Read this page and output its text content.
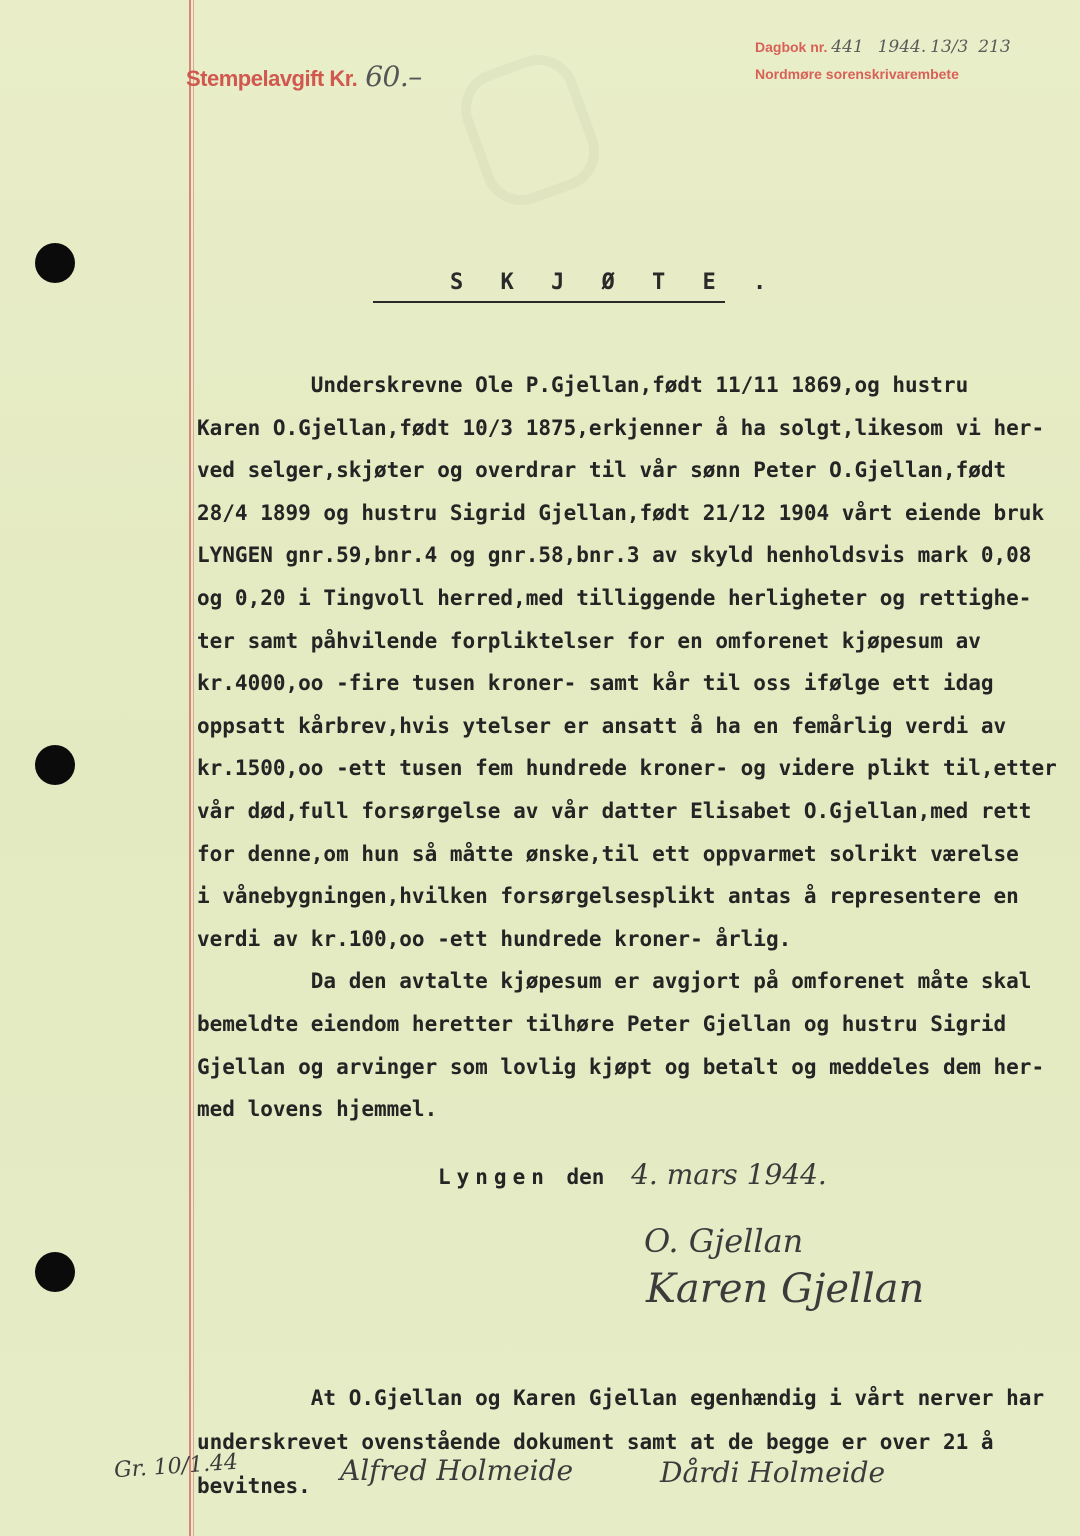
Stempelavgift Kr. 60.–
Dagbok nr. 441 1944. 13/3 213
Nordmøre sorenskrivarembete
S K J Ø T E .
Underskrevne Ole P.Gjellan,født 11/11 1869,og hustru
Karen O.Gjellan,født 10/3 1875,erkjenner å ha solgt,likesom vi her-
ved selger,skjøter og overdrar til vår sønn Peter O.Gjellan,født
28/4 1899 og hustru Sigrid Gjellan,født 21/12 1904 vårt eiende bruk
LYNGEN gnr.59,bnr.4 og gnr.58,bnr.3 av skyld henholdsvis mark 0,08
og 0,20 i Tingvoll herred,med tilliggende herligheter og rettighe-
ter samt påhvilende forpliktelser for en omforenet kjøpesum av
kr.4000,oo -fire tusen kroner- samt kår til oss ifølge ett idag
oppsatt kårbrev,hvis ytelser er ansatt å ha en femårlig verdi av
kr.1500,oo -ett tusen fem hundrede kroner- og videre plikt til,etter
vår død,full forsørgelse av vår datter Elisabet O.Gjellan,med rett
for denne,om hun så måtte ønske,til ett oppvarmet solrikt værelse
i vånebygningen,hvilken forsørgelsesplikt antas å representere en
verdi av kr.100,oo -ett hundrede kroner- årlig.
Da den avtalte kjøpesum er avgjort på omforenet måte skal
bemeldte eiendom heretter tilhøre Peter Gjellan og hustru Sigrid
Gjellan og arvinger som lovlig kjøpt og betalt og meddeles dem her-
med lovens hjemmel.
Lyngen den 4. mars 1944.
O. Gjellan
Karen Gjellan
At O.Gjellan og Karen Gjellan egenhændig i vårt nerver har
underskrevet ovenstående dokument samt at de begge er over 21 å
bevitnes.
Gr. 10/1.44	Alfred Holmeide	Dårdi Holmeide
